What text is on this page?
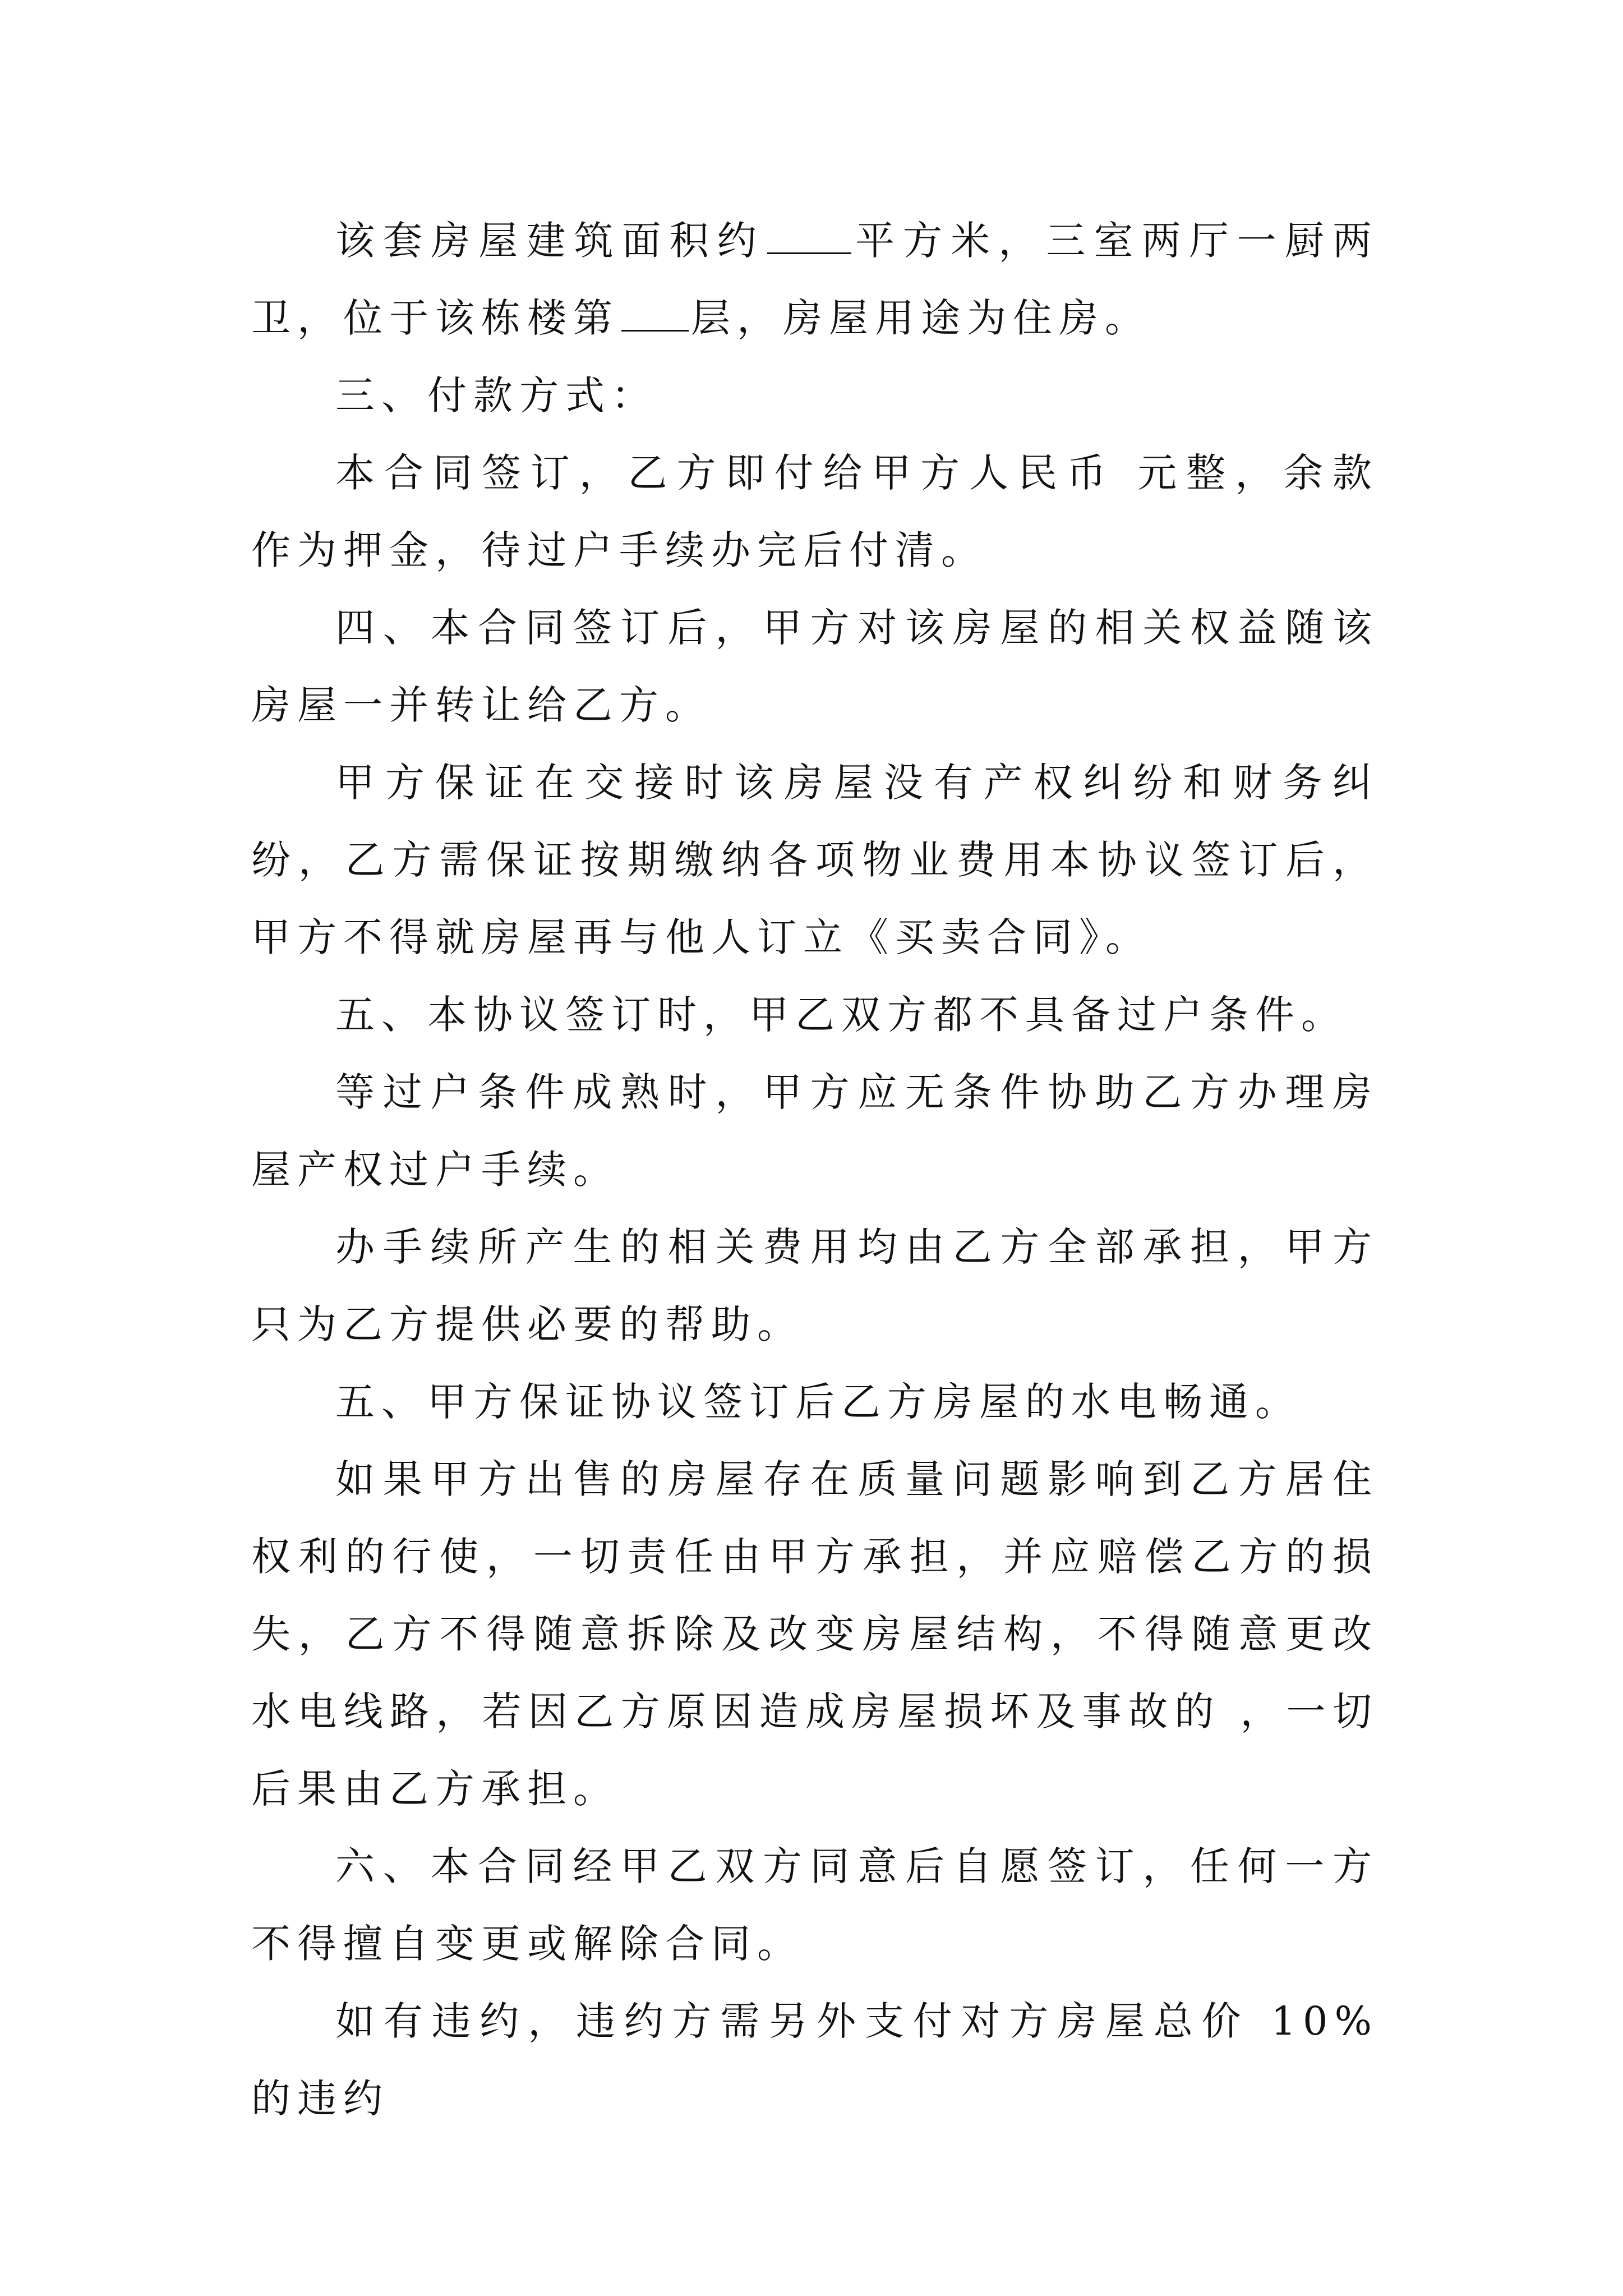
该套房屋建筑面积约 平方米，三室两厅一厨两卫，位于该栋楼第 层，房屋用途为住房。

三、付款方式：

本合同签订，乙方即付给甲方人民币 元整，余款 作为押金，待过户手续办完后付清。

四、本合同签订后，甲方对该房屋的相关权益随该房屋一并转让给乙方。

甲方保证在交接时该房屋没有产权纠纷和财务纠纷，乙方需保证按期缴纳各项物业费用本协议签订后，甲方不得就房屋再与他人订立《买卖合同》。

五、本协议签订时，甲乙双方都不具备过户条件。

等过户条件成熟时，甲方应无条件协助乙方办理房屋产权过户手续。

办手续所产生的相关费用均由乙方全部承担，甲方只为乙方提供必要的帮助。

五、甲方保证协议签订后乙方房屋的水电畅通。

如果甲方出售的房屋存在质量问题影响到乙方居住权利的行使，一切责任由甲方承担，并应赔偿乙方的损失，乙方不得随意拆除及改变房屋结构，不得随意更改水电线路，若因乙方原因造成房屋损坏及事故的 ，一切后果由乙方承担。

六、本合同经甲乙双方同意后自愿签订，任何一方不得擅自变更或解除合同。

如有违约，违约方需另外支付对方房屋总价 10%的违约
